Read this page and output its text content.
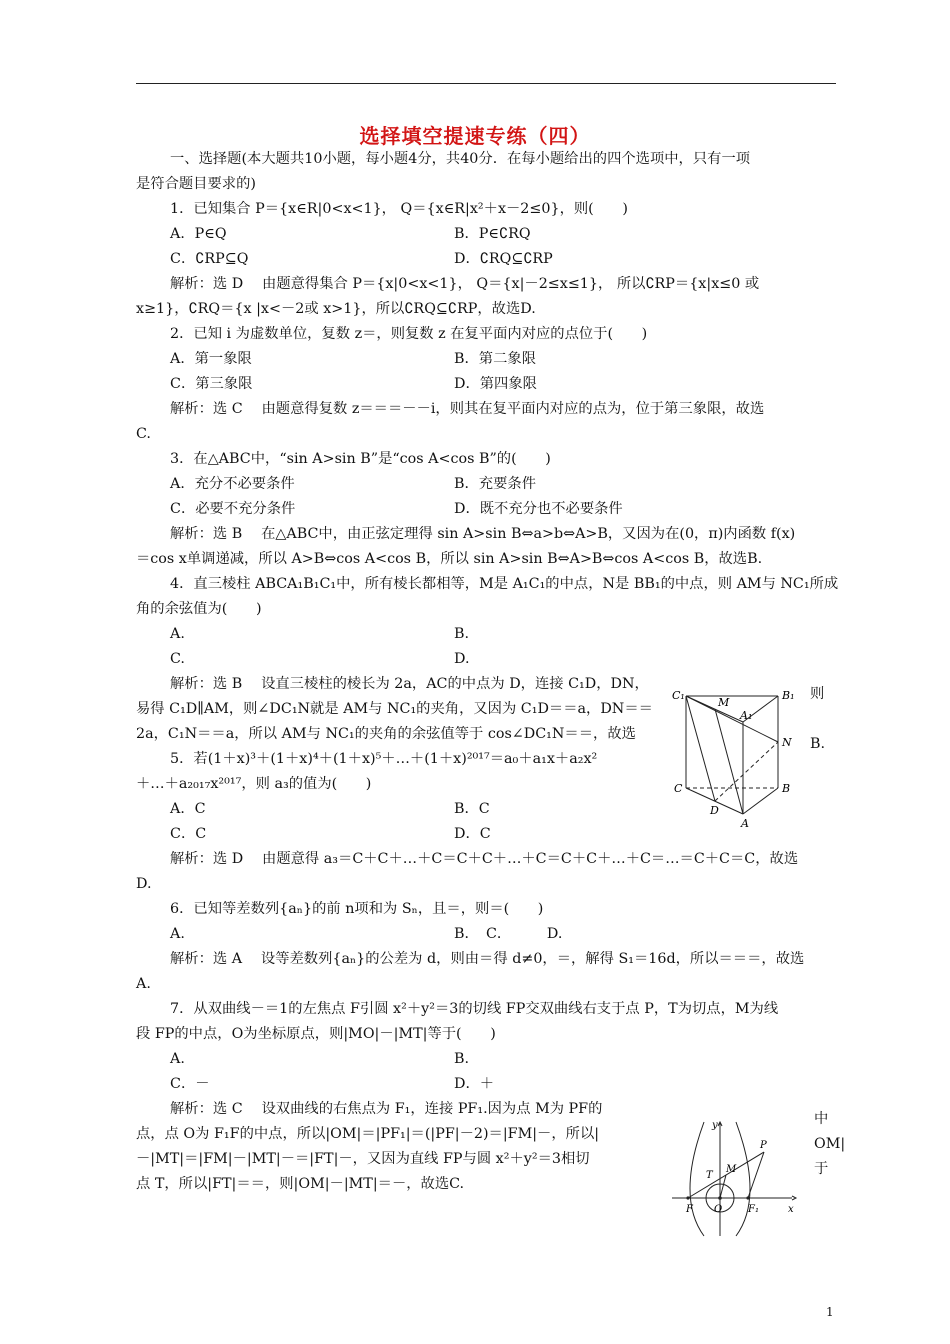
选择填空提速专练（四）
一、选择题(本大题共10小题，每小题4分，共40分．在每小题给出的四个选项中，只有一项
是符合题目要求的)
1．已知集合 P＝{x∈R|0<x<1}， Q＝{x∈R|x²＋x－2≤0}，则(　　)
A．P∈Q	B．P∈∁RQ
C．∁RP⊆Q	D．∁RQ⊆∁RP
解析：选 D　 由题意得集合 P＝{x|0<x<1}， Q＝{x|－2≤x≤1}， 所以∁RP＝{x|x≤0 或
x≥1}，∁RQ＝{x |x<－2或 x>1}，所以∁RQ⊆∁RP，故选D.
2．已知 i 为虚数单位，复数 z＝，则复数 z 在复平面内对应的点位于(　　)
A．第一象限	B．第二象限
C．第三象限	D．第四象限
解析：选 C　 由题意得复数 z＝＝＝－－i，则其在复平面内对应的点为，位于第三象限，故选
C.
3．在△ABC中，“sin A>sin B”是“cos A<cos B”的(　　)
A．充分不必要条件	B．充要条件
C．必要不充分条件	D．既不充分也不必要条件
解析：选 B　 在△ABC中，由正弦定理得 sin A>sin B⇔a>b⇔A>B，又因为在(0，π)内函数 f(x)
＝cos x单调递减，所以 A>B⇔cos A<cos B，所以 sin A>sin B⇔A>B⇔cos A<cos B，故选B.
4．直三棱柱 ABCA₁B₁C₁中，所有棱长都相等，M是 A₁C₁的中点，N是 BB₁的中点，则 AM与 NC₁所成
角的余弦值为(　　)
A.	B.
C.	D.
解析：选 B　 设直三棱柱的棱长为 2a，AC的中点为 D，连接 C₁D，DN，
易得 C₁D∥AM，则∠DC₁N就是 AM与 NC₁的夹角，又因为 C₁D＝＝a，DN＝＝
2a，C₁N＝＝a，所以 AM与 NC₁的夹角的余弦值等于 cos∠DC₁N＝＝，故选
5．若(1＋x)³＋(1＋x)⁴＋(1＋x)⁵＋…＋(1＋x)²⁰¹⁷＝a₀＋a₁x＋a₂x²
＋…＋a₂₀₁₇x²⁰¹⁷，则 a₃的值为(　　)
A．C	B．C
C．C	D．C
解析：选 D　 由题意得 a₃＝C＋C＋…＋C＝C＋C＋…＋C＝C＋C＋…＋C＝…＝C＋C＝C，故选
D.
6．已知等差数列{aₙ}的前 n项和为 Sₙ，且＝，则＝(　　)
A.	B．　C．　　　D.
解析：选 A　 设等差数列{aₙ}的公差为 d，则由＝得 d≠0，＝，解得 S₁＝16d，所以＝＝＝，故选
A.
7．从双曲线－＝1的左焦点 F引圆 x²＋y²＝3的切线 FP交双曲线右支于点 P，T为切点，M为线
段 FP的中点，O为坐标原点，则|MO|－|MT|等于(　　)
A.	B.
C．－	D．＋
解析：选 C　 设双曲线的右焦点为 F₁，连接 PF₁.因为点 M为 PF的
点，点 O为 F₁F的中点，所以|OM|＝|PF₁|＝(|PF|－2)＝|FM|－，所以|
－|MT|＝|FM|－|MT|－＝|FT|－，又因为直线 FP与圆 x²＋y²＝3相切
点 T，所以|FT|＝＝，则|OM|－|MT|＝－，故选C.
则
B.
中
OM|
于
C₁
M
A₁
B₁
N
C	B
D
A
y
P
M
T
F O	F₁	x
1
